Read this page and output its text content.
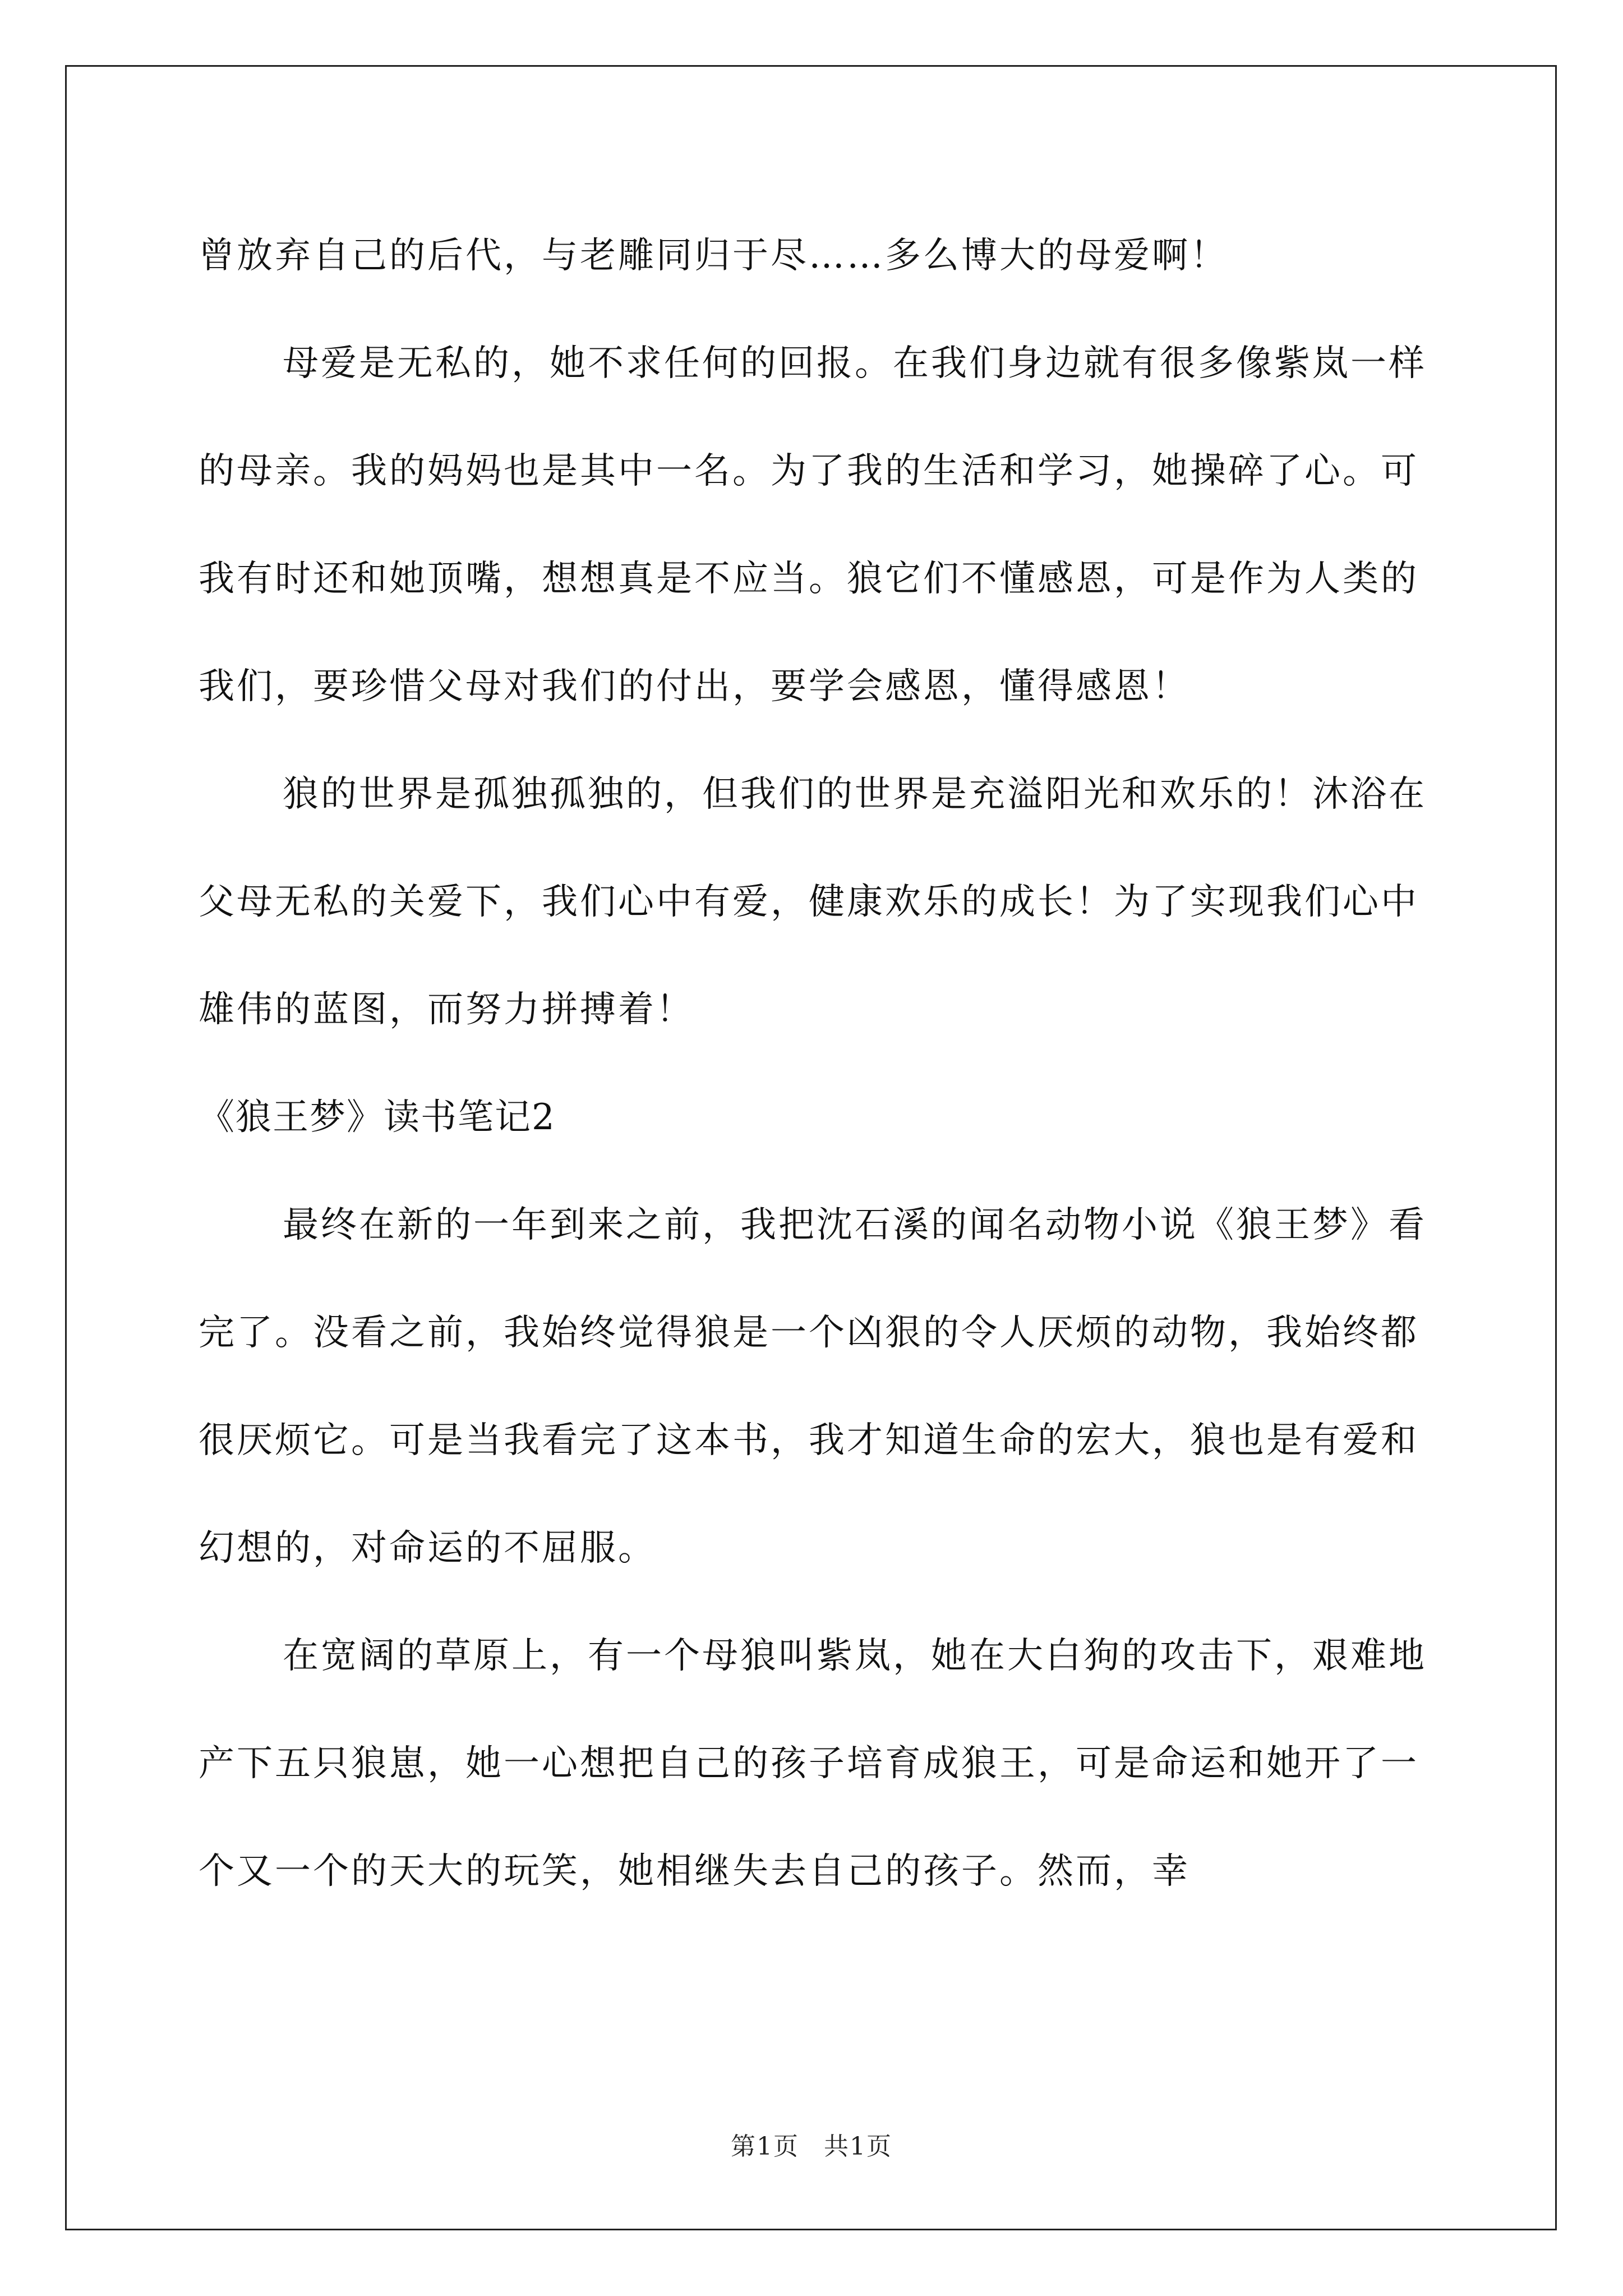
曾放弃自己的后代，与老雕同归于尽……多么博大的母爱啊！

母爱是无私的，她不求任何的回报。在我们身边就有很多像紫岚一样的母亲。我的妈妈也是其中一名。为了我的生活和学习，她操碎了心。可我有时还和她顶嘴，想想真是不应当。狼它们不懂感恩，可是作为人类的我们，要珍惜父母对我们的付出，要学会感恩，懂得感恩！

狼的世界是孤独孤独的，但我们的世界是充溢阳光和欢乐的！沐浴在父母无私的关爱下，我们心中有爱，健康欢乐的成长！为了实现我们心中雄伟的蓝图，而努力拼搏着！

《狼王梦》读书笔记2

最终在新的一年到来之前，我把沈石溪的闻名动物小说《狼王梦》看完了。没看之前，我始终觉得狼是一个凶狠的令人厌烦的动物，我始终都很厌烦它。可是当我看完了这本书，我才知道生命的宏大，狼也是有爱和幻想的，对命运的不屈服。

在宽阔的草原上，有一个母狼叫紫岚，她在大白狗的攻击下，艰难地产下五只狼崽，她一心想把自己的孩子培育成狼王，可是命运和她开了一个又一个的天大的玩笑，她相继失去自己的孩子。然而，幸

第1页 共1页
